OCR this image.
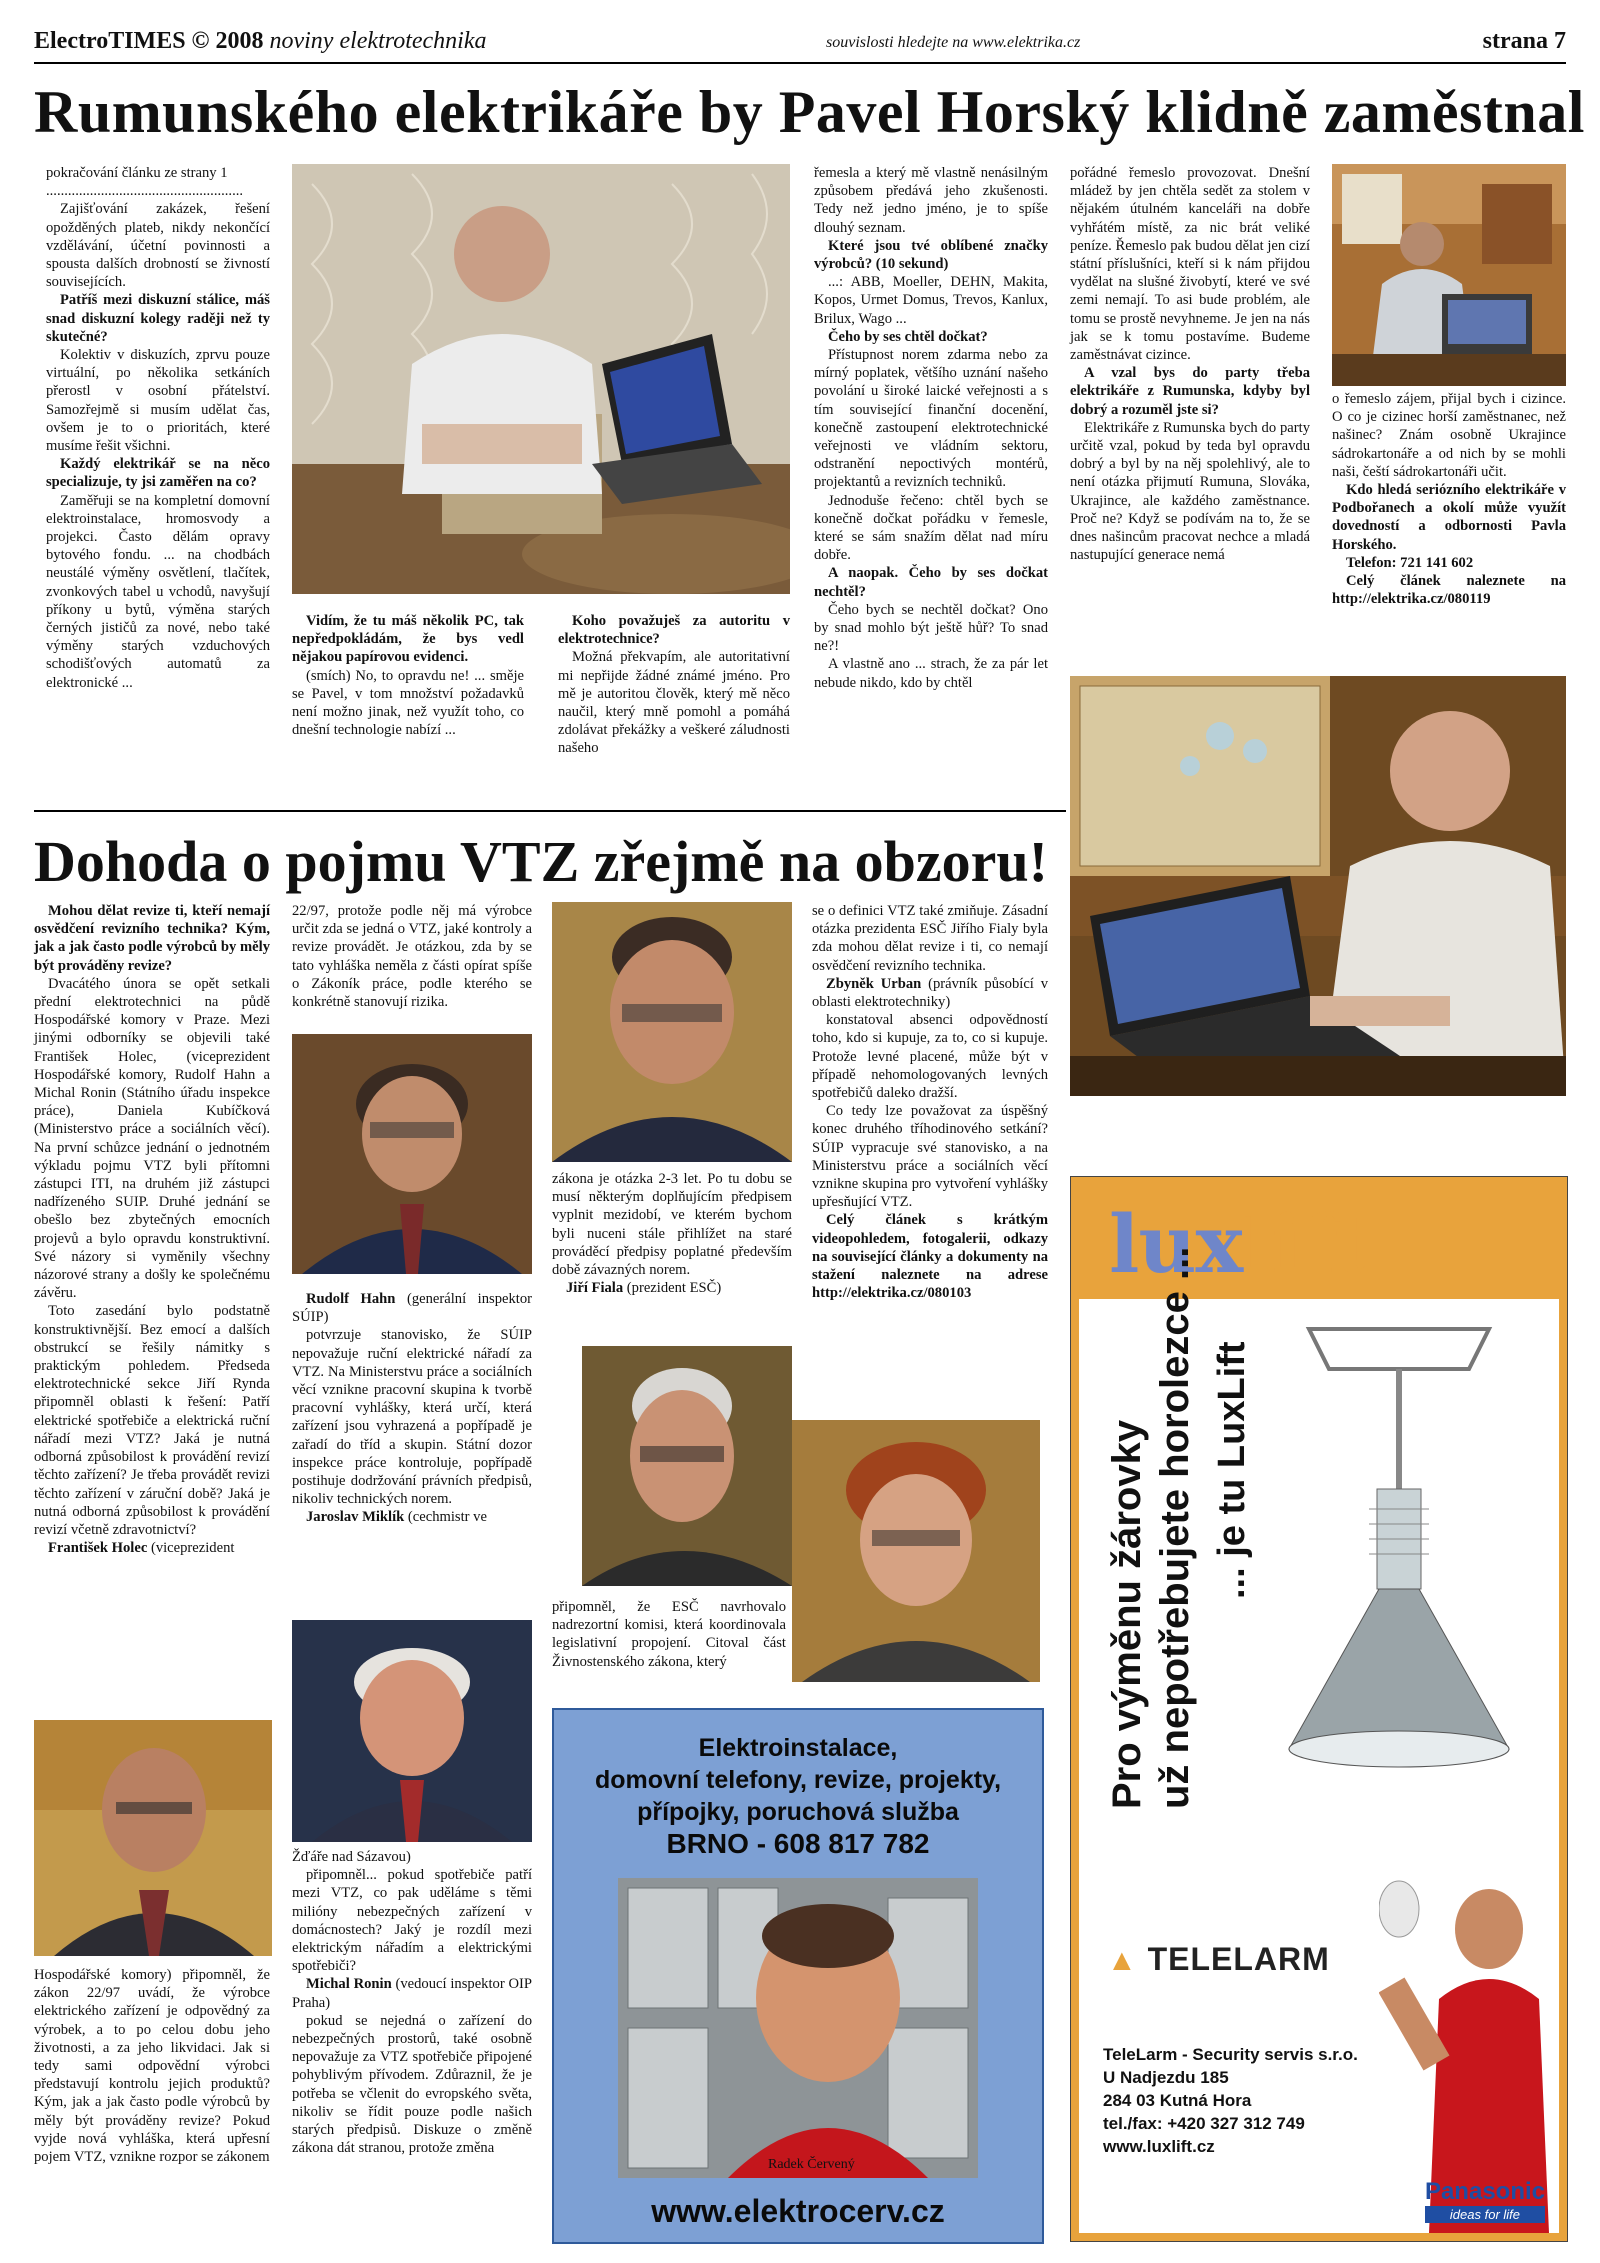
ElectroTIMES © 2008 noviny elektrotechnika	souvislosti hledejte na www.elektrika.cz	strana 7
Rumunského elektrikáře by Pavel Horský klidně zaměstnal

pokračování článku ze strany 1

......................................................

Zajišťování zakázek, řešení opožděných plateb, nikdy nekončící vzdělávání, účetní povinnosti a spousta dalších drobností se živností souvisejících.

Patříš mezi diskuzní stálice, máš snad diskuzní kolegy raději než ty skutečné?

Kolektiv v diskuzích, zprvu pouze virtuální, po několika setkáních přerostl v osobní přátelství. Samozřejmě si musím udělat čas, ovšem je to o prioritách, které musíme řešit všichni.

Každý elektrikář se na něco specializuje, ty jsi zaměřen na co?

Zaměřuji se na kompletní domovní elektroinstalace, hromosvody a projekci. Často dělám opravy bytového fondu. ... na chodbách neustálé výměny osvětlení, tlačítek, zvonkových tabel u vchodů, navyšují příkony u bytů, výměna starých černých jističů za nové, nebo také výměny starých vzduchových schodišťových automatů za elektronické ...

Vidím, že tu máš několik PC, tak nepředpokládám, že bys vedl nějakou papírovou evidenci.

(smích) No, to opravdu ne! ... směje se Pavel, v tom množství požadavků není možno jinak, než využít toho, co dnešní technologie nabízí ...

Koho považuješ za autoritu v elektrotechnice?

Možná překvapím, ale autoritativní mi nepřijde žádné známé jméno. Pro mě je autoritou člověk, který mě něco naučil, který mně pomohl a pomáhá zdolávat překážky a veškeré záludnosti našeho

řemesla a který mě vlastně nenásilným způsobem předává jeho zkušenosti. Tedy než jedno jméno, je to spíše dlouhý seznam.

Které jsou tvé oblíbené značky výrobců? (10 sekund)

...: ABB, Moeller, DEHN, Makita, Kopos, Urmet Domus, Trevos, Kanlux, Brilux, Wago ...

Čeho by ses chtěl dočkat?

Přístupnost norem zdarma nebo za mírný poplatek, většího uznání našeho povolání u široké laické veřejnosti a s tím související finanční docenění, konečně zastoupení elektrotechnické veřejnosti ve vládním sektoru, odstranění nepoctivých montérů, projektantů a revizních techniků.

Jednoduše řečeno: chtěl bych se konečně dočkat pořádku v řemesle, které se sám snažím dělat nad míru dobře.

A naopak. Čeho by ses dočkat nechtěl?

Čeho bych se nechtěl dočkat? Ono by snad mohlo být ještě hůř? To snad ne?!

A vlastně ano ... strach, že za pár let nebude nikdo, kdo by chtěl

pořádné řemeslo provozovat. Dnešní mládež by jen chtěla sedět za stolem v nějakém útulném kanceláři na dobře vyhřátém místě, za nic brát veliké peníze. Řemeslo pak budou dělat jen cizí státní příslušníci, kteří si k nám přijdou vydělat na slušné živobytí, které ve své zemi nemají. To asi bude problém, ale tomu se prostě nevyhneme. Je jen na nás jak se k tomu postavíme. Budeme zaměstnávat cizince.

A vzal bys do party třeba elektrikáře z Rumunska, kdyby byl dobrý a rozuměl jste si?

Elektrikáře z Rumunska bych do party určitě vzal, pokud by teda byl opravdu dobrý a byl by na něj spolehlivý, ale to není otázka přijmutí Rumuna, Slováka, Ukrajince, ale každého zaměstnance. Proč ne? Když se podívám na to, že se dnes našincům pracovat nechce a mladá nastupující generace nemá

o řemeslo zájem, přijal bych i cizince. O co je cizinec horší zaměstnanec, než našinec? Znám osobně Ukrajince sádrokartonáře a od nich by se mohli naši, čeští sádrokartonáři učit.

Kdo hledá seriózního elektrikáře v Podbořanech a okolí může využít dovedností a odbornosti Pavla Horského.

Telefon: 721 141 602

Celý článek naleznete na http://elektrika.cz/080119

Dohoda o pojmu VTZ zřejmě na obzoru!

Mohou dělat revize ti, kteří nemají osvědčení revizního technika? Kým, jak a jak často podle výrobců by měly být prováděny revize?

Dvacátého února se opět setkali přední elektrotechnici na půdě Hospodářské komory v Praze. Mezi jinými odborníky se objevili také František Holec, (viceprezident Hospodářské komory, Rudolf Hahn a Michal Ronin (Státního úřadu inspekce práce), Daniela Kubíčková (Ministerstvo práce a sociálních věcí). Na první schůzce jednání o jednotném výkladu pojmu VTZ byli přítomni zástupci ITI, na druhém již zástupci nadřízeného SUIP. Druhé jednání se obešlo bez zbytečných emocních projevů a bylo opravdu konstruktivní. Své názory si vyměnily všechny názorové strany a došly ke společnému závěru.

Toto zasedání bylo podstatně konstruktivnější. Bez emocí a dalších obstrukcí se řešily námitky s praktickým pohledem. Předseda elektrotechnické sekce Jiří Rynda připomněl oblasti k řešení: Patří elektrické spotřebiče a elektrická ruční nářadí mezi VTZ? Jaká je nutná odborná způsobilost k provádění revizí těchto zařízení? Je třeba provádět revizi těchto zařízení v záruční době? Jaká je nutná odborná způsobilost k provádění revizí včetně zdravotnictví?

František Holec (viceprezident

Hospodářské komory) připomněl, že zákon 22/97 uvádí, že výrobce elektrického zařízení je odpovědný za výrobek, a to po celou dobu jeho životnosti, a za jeho likvidaci. Jak si tedy sami odpovědní výrobci představují kontrolu jejich produktů? Kým, jak a jak často podle výrobců by měly být prováděny revize? Pokud vyjde nová vyhláška, která upřesní pojem VTZ, vznikne rozpor se zákonem

22/97, protože podle něj má výrobce určit zda se jedná o VTZ, jaké kontroly a revize provádět. Je otázkou, zda by se tato vyhláška neměla z části opírat spíše o Zákoník práce, podle kterého se konkrétně stanovují rizika.

Rudolf Hahn (generální inspektor SÚIP)

potvrzuje stanovisko, že SÚIP nepovažuje ruční elektrické nářadí za VTZ. Na Ministerstvu práce a sociálních věcí vznikne pracovní skupina k tvorbě pracovní vyhlášky, která určí, která zařízení jsou vyhrazená a popřípadě je zařadí do tříd a skupin. Státní dozor inspekce práce kontroluje, popřípadě postihuje dodržování právních předpisů, nikoliv technických norem.

Jaroslav Miklík (cechmistr ve

Žďáře nad Sázavou)

připomněl... pokud spotřebiče patří mezi VTZ, co pak uděláme s těmi milióny nebezpečných zařízení v domácnostech? Jaký je rozdíl mezi elektrickým nářadím a elektrickými spotřebiči?

Michal Ronin (vedoucí inspektor OIP Praha)

pokud se nejedná o zařízení do nebezpečných prostorů, také osobně nepovažuje za VTZ spotřebiče připojené pohyblivým přívodem. Zdůraznil, že je potřeba se včlenit do evropského světa, nikoliv se řídit pouze podle našich starých předpisů. Diskuze o změně zákona dát stranou, protože změna

zákona je otázka 2-3 let. Po tu dobu se musí některým doplňujícím předpisem vyplnit mezidobí, ve kterém bychom byli nuceni stále přihlížet na staré prováděcí předpisy poplatné především době závazných norem.

Jiří Fiala (prezident ESČ)

připomněl, že ESČ navrhovalo nadrezortní komisi, která koordinovala legislativní propojení. Citoval část Živnostenského zákona, který

se o definici VTZ také zmiňuje. Zásadní otázka prezidenta ESČ Jiřího Fialy byla zda mohou dělat revize i ti, co nemají osvědčení revizního technika.

Zbyněk Urban (právník působící v oblasti elektrotechniky)

konstatoval absenci odpovědností toho, kdo si kupuje, za to, co si kupuje. Protože levné placené, může být v případě nehomologovaných levných spotřebičů daleko dražší.

Co tedy lze považovat za úspěšný konec druhého tříhodinového setkání? SÚIP vypracuje své stanovisko, a na Ministerstvu práce a sociálních věcí vznikne skupina pro vytvoření vyhlášky upřesňující VTZ.

Celý článek s krátkým videopohledem, fotogalerii, odkazy na související články a dokumenty na stažení naleznete na adrese http://elektrika.cz/080103

Elektroinstalace,
domovní telefony, revize, projekty,
přípojky, poruchová služba
BRNO - 608 817 782
Radek Červený
www.elektrocerv.cz
luxlift
Pro výměnu žárovky už nepotřebujete horolezce ... ... je tu LuxLift
▲ TELELARM
TeleLarm - Security servis s.r.o.
U Nadjezdu 185
284 03 Kutná Hora
tel./fax: +420 327 312 749
www.luxlift.cz
Panasonic
ideas for life
